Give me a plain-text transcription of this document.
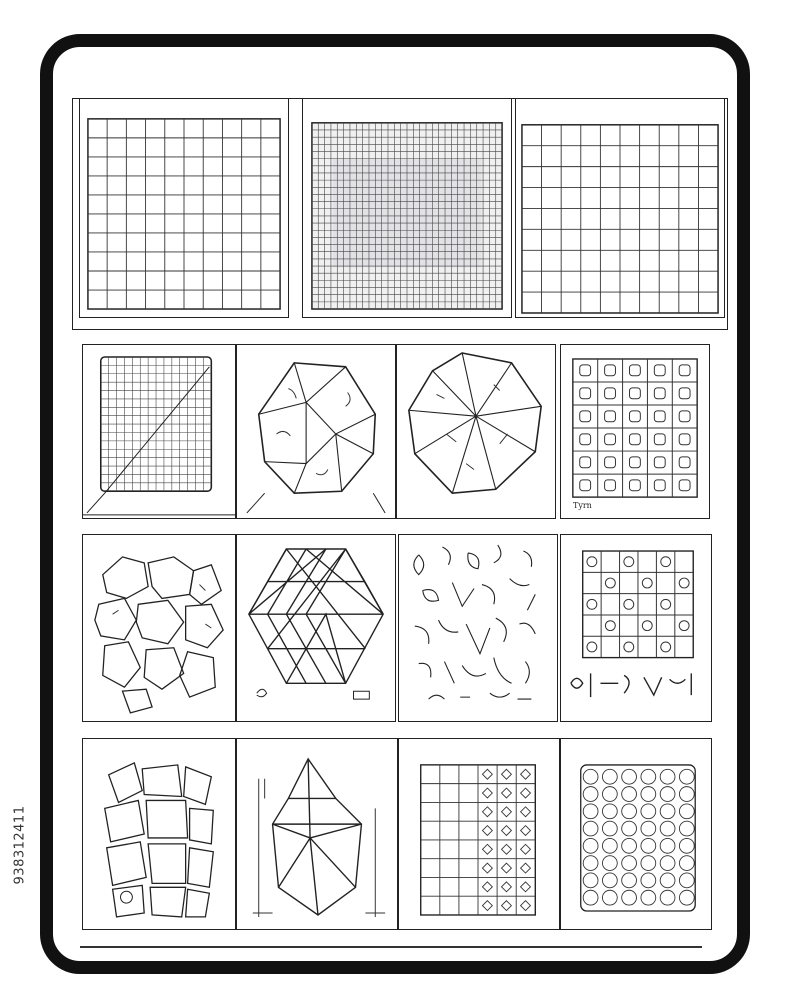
Tyrn
938312411
